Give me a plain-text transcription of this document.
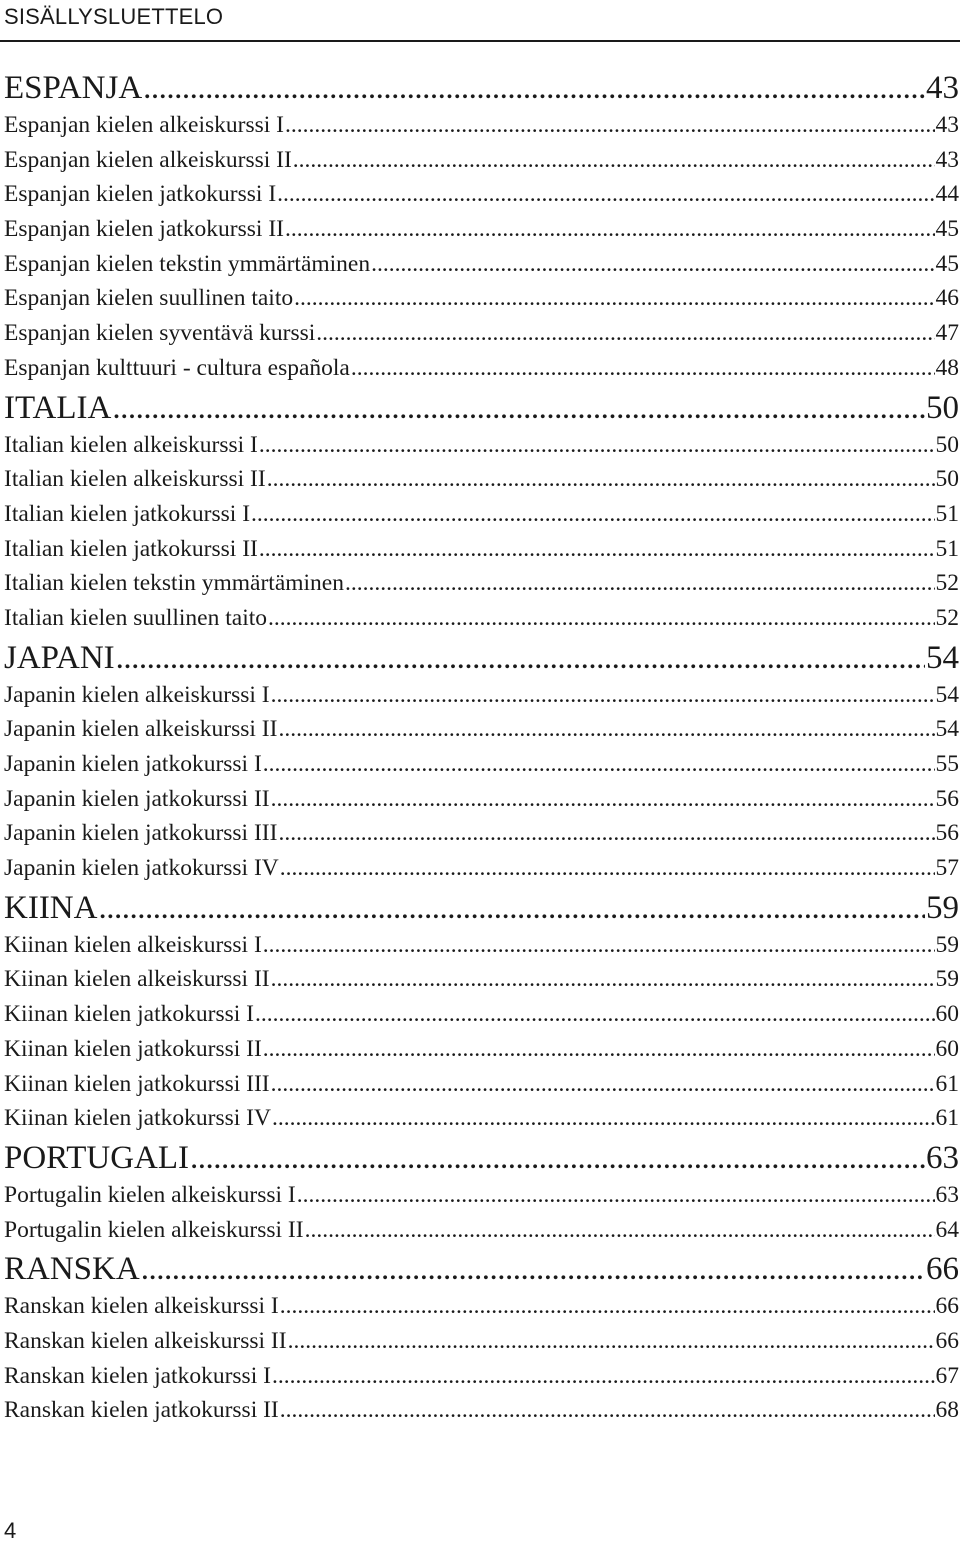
SISÄLLYSLUETTELO
ESPANJA .....	43
Espanjan kielen alkeiskurssi I .....	43
Espanjan kielen alkeiskurssi II .....	43
Espanjan kielen jatkokurssi I .....	44
Espanjan kielen jatkokurssi II .....	45
Espanjan kielen tekstin ymmärtäminen .....	45
Espanjan kielen suullinen taito .....	46
Espanjan kielen syventävä kurssi .....	47
Espanjan kulttuuri - cultura española .....	48
ITALIA .....	50
Italian kielen alkeiskurssi I .....	50
Italian kielen alkeiskurssi II .....	50
Italian kielen jatkokurssi I .....	51
Italian kielen jatkokurssi II .....	51
Italian kielen tekstin ymmärtäminen .....	52
Italian kielen suullinen taito .....	52
JAPANI .....	54
Japanin kielen alkeiskurssi I .....	54
Japanin kielen alkeiskurssi II .....	54
Japanin kielen jatkokurssi I .....	55
Japanin kielen jatkokurssi II .....	56
Japanin kielen jatkokurssi III .....	56
Japanin kielen jatkokurssi IV .....	57
KIINA .....	59
Kiinan kielen alkeiskurssi I .....	59
Kiinan kielen alkeiskurssi II .....	59
Kiinan kielen jatkokurssi I .....	60
Kiinan kielen jatkokurssi II .....	60
Kiinan kielen jatkokurssi III .....	61
Kiinan kielen jatkokurssi IV .....	61
PORTUGALI .....	63
Portugalin kielen alkeiskurssi I .....	63
Portugalin kielen alkeiskurssi II .....	64
RANSKA .....	66
Ranskan kielen alkeiskurssi I .....	66
Ranskan kielen alkeiskurssi II .....	66
Ranskan kielen jatkokurssi I .....	67
Ranskan kielen jatkokurssi II .....	68
4
